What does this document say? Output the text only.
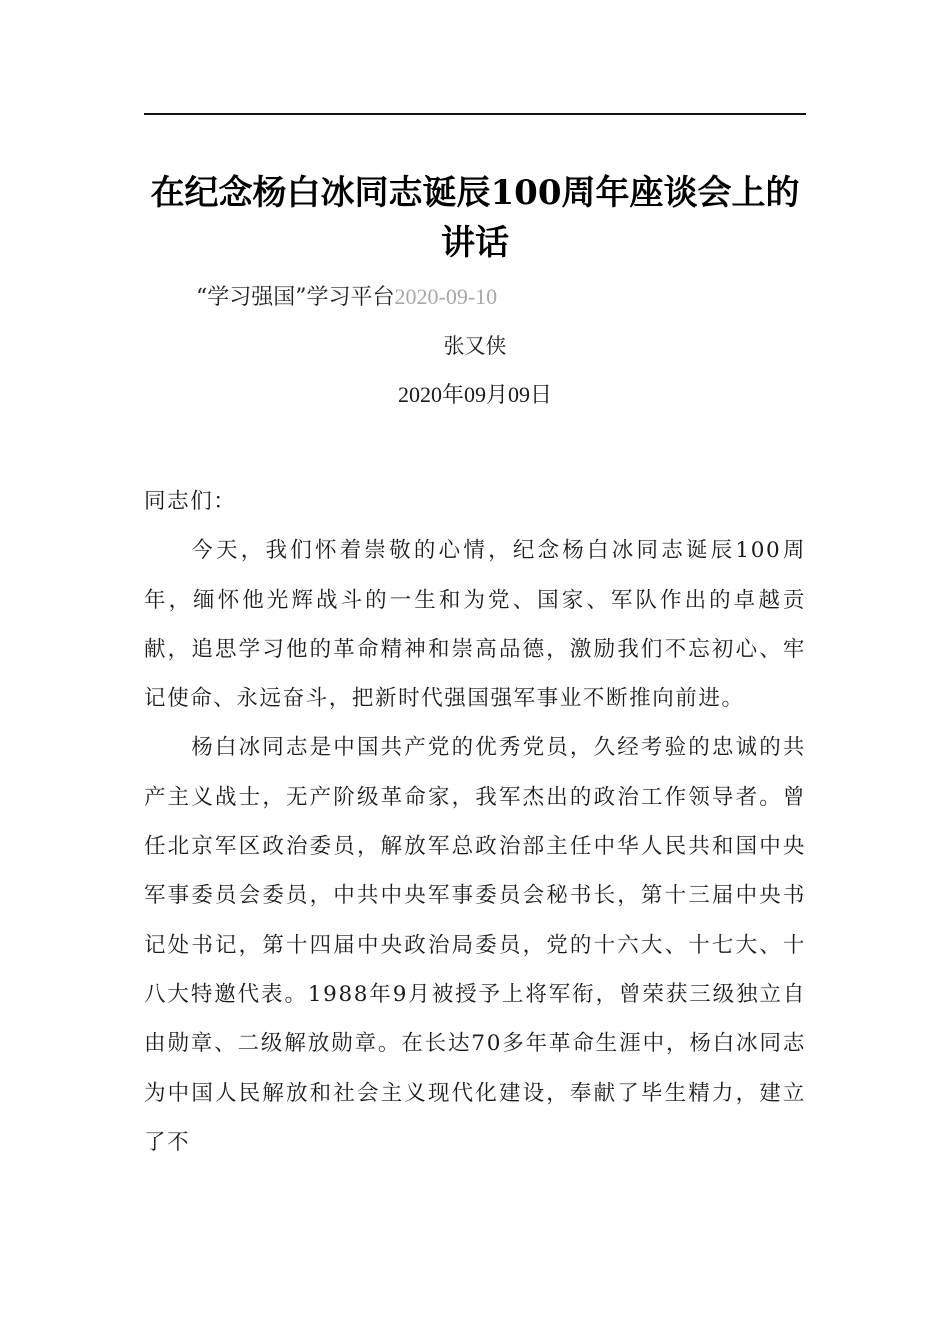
在纪念杨白冰同志诞辰100周年座谈会上的讲话
“学习强国”学习平台2020-09-10
张又侠
2020年09月09日

同志们：

今天，我们怀着崇敬的心情，纪念杨白冰同志诞辰100周年，缅怀他光辉战斗的一生和为党、国家、军队作出的卓越贡献，追思学习他的革命精神和崇高品德，激励我们不忘初心、牢记使命、永远奋斗，把新时代强国强军事业不断推向前进。

杨白冰同志是中国共产党的优秀党员，久经考验的忠诚的共产主义战士，无产阶级革命家，我军杰出的政治工作领导者。曾任北京军区政治委员，解放军总政治部主任中华人民共和国中央军事委员会委员，中共中央军事委员会秘书长，第十三届中央书记处书记，第十四届中央政治局委员，党的十六大、十七大、十八大特邀代表。1988年9月被授予上将军衔，曾荣获三级独立自由勋章、二级解放勋章。在长达70多年革命生涯中，杨白冰同志为中国人民解放和社会主义现代化建设，奉献了毕生精力，建立了不
